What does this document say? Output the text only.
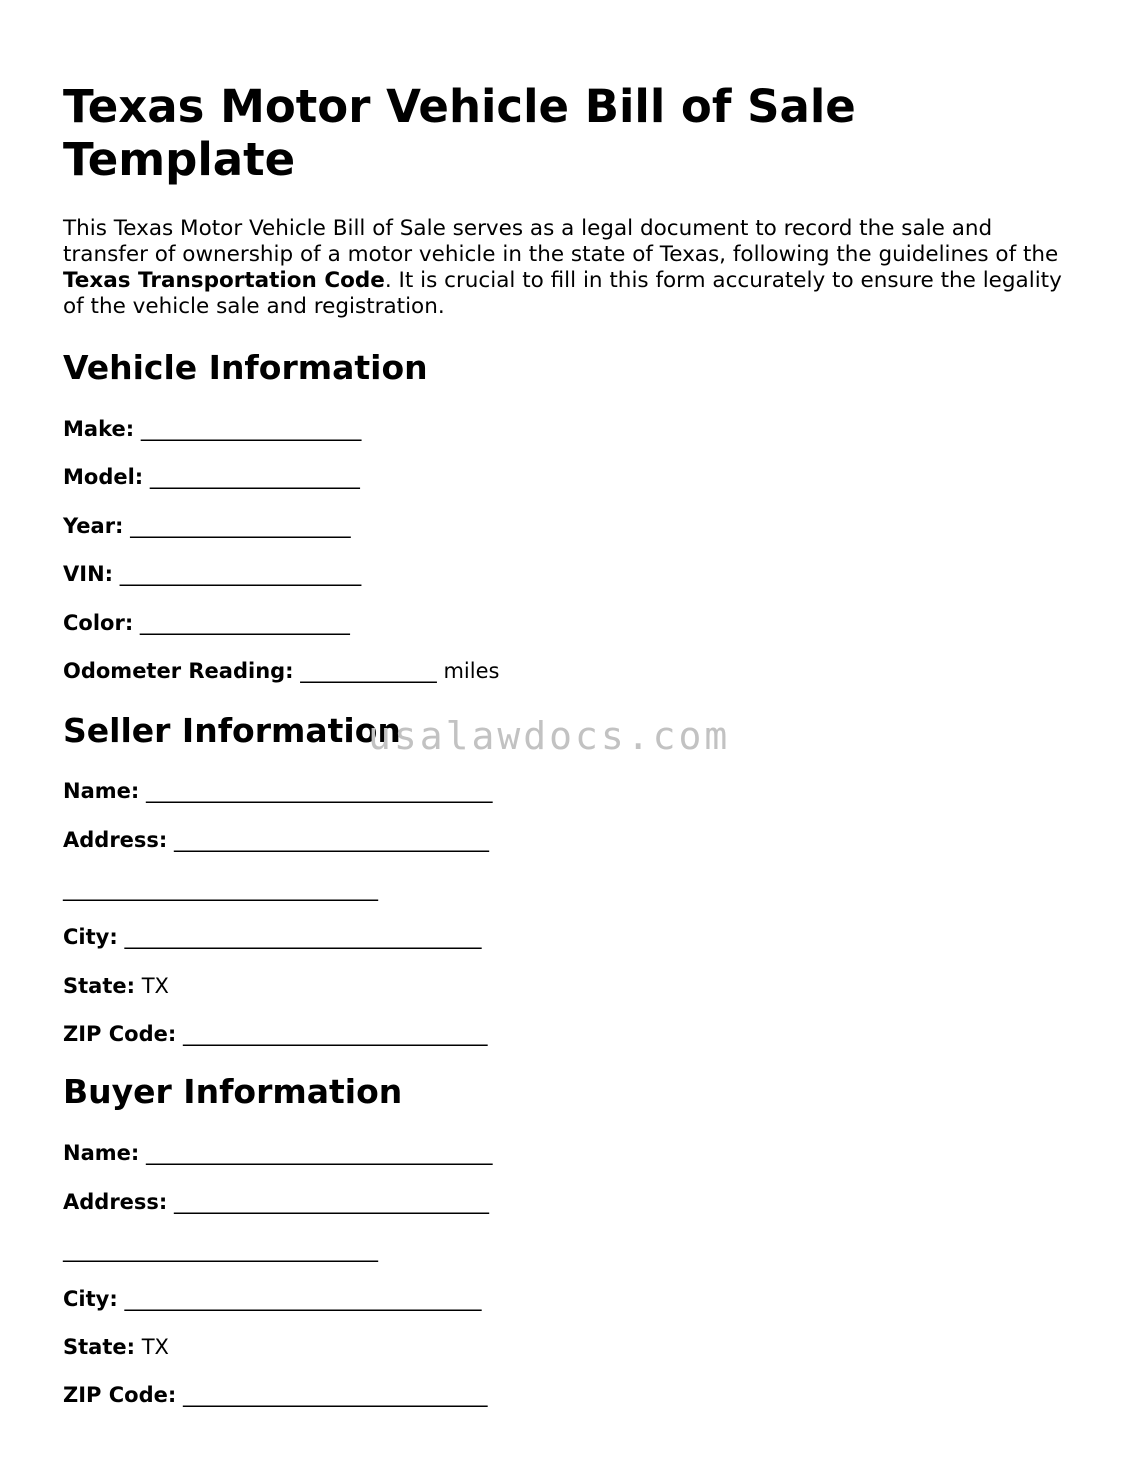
Texas Motor Vehicle Bill of Sale Template

This Texas Motor Vehicle Bill of Sale serves as a legal document to record the sale and transfer of ownership of a motor vehicle in the state of Texas, following the guidelines of the Texas Transportation Code. It is crucial to fill in this form accurately to ensure the legality of the vehicle sale and registration.

Vehicle Information
Make: _____________________
Model: ____________________
Year: _____________________
VIN: _______________________
Color: ____________________
Odometer Reading: _____________ miles
Seller Information
Name: _________________________________
Address: ______________________________
______________________________
City: __________________________________
State: TX
ZIP Code: _____________________________
Buyer Information
Name: _________________________________
Address: ______________________________
______________________________
City: __________________________________
State: TX
ZIP Code: _____________________________
usalawdocs.com
